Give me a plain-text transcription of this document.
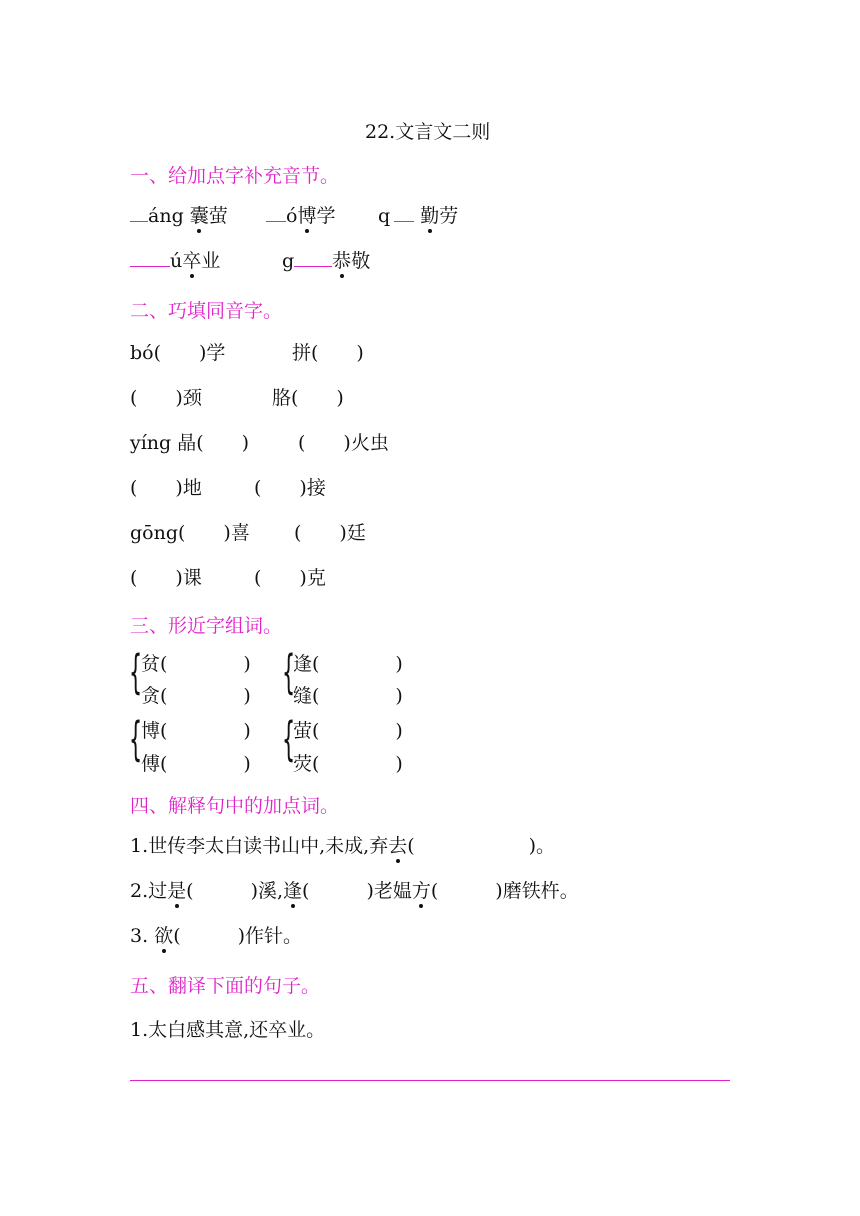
22.文言文二则
一、给加点字补充音节。
áng 囊萤	ó博学 q 勤劳
ú卒业	g 恭敬
二、巧填同音字。
bó(　　)学	拼(　　)
(　　)颈	胳(　　)
yíng 晶(　　)	(　　)火虫
(　　)地	(　　)接
gōng(　　)喜 (　　)廷
(　　)课	(　　)克
三、形近字组词。
{
贫(　　　　)
贪(　　　　) {
逢(　　　　)
缝(　　　　)
{
博(　　　　)
傅(　　　　) {
萤(　　　　)
荧(　　　　)
四、解释句中的加点词。
1.世传李太白读书山中,未成,弃去(　　　　　　)。
2.过是(　　　)溪,逢(　　　)老媪方(　　　)磨铁杵。
3. 欲(　　　)作针。
五、翻译下面的句子。
1.太白感其意,还卒业。
